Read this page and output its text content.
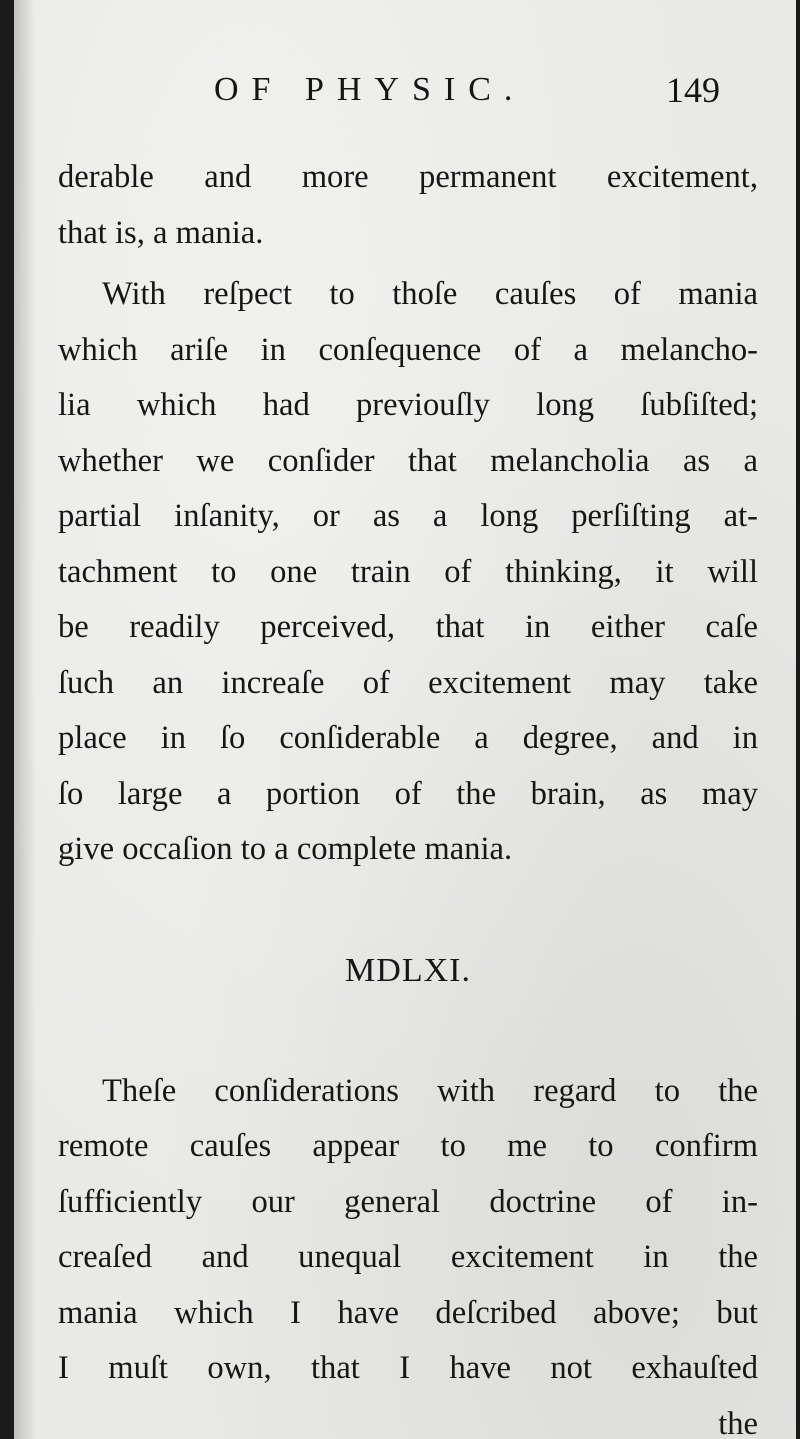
OF PHYSIC.	149
derable and more permanent excitement,
that is, a mania.
With reſpect to thoſe cauſes of mania
which ariſe in conſequence of a melancho-
lia which had previouſly long ſubſiſted;
whether we conſider that melancholia as a
partial inſanity, or as a long perſiſting at-
tachment to one train of thinking, it will
be readily perceived, that in either caſe
ſuch an increaſe of excitement may take
place in ſo conſiderable a degree, and in
ſo large a portion of the brain, as may
give occaſion to a complete mania.
MDLXI.
Theſe conſiderations with regard to the
remote cauſes appear to me to confirm
ſufficiently our general doctrine of in-
creaſed and unequal excitement in the
mania which I have deſcribed above; but
I muſt own, that I have not exhauſted
the
